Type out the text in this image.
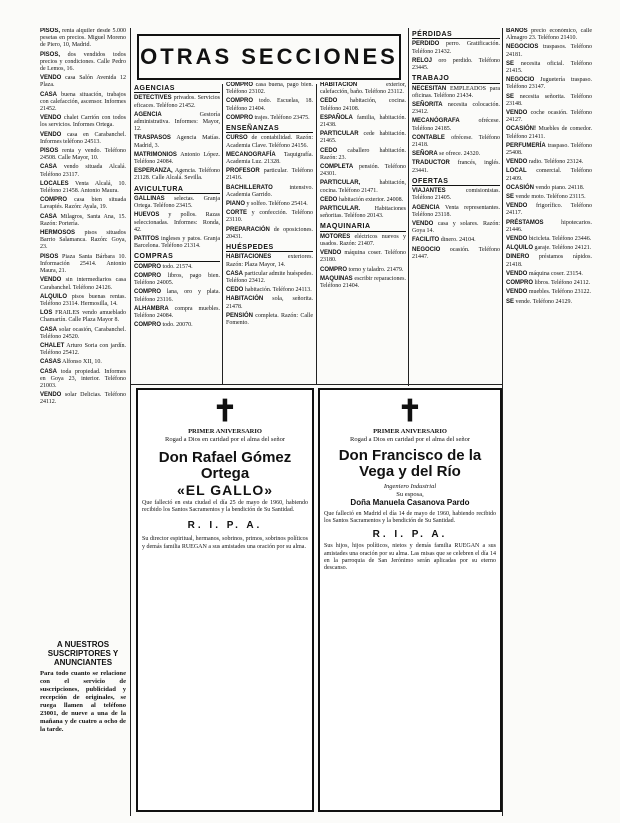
OTRAS SECCIONES

PISOS, renta alquiler desde 5.000 pesetas en precios. Miguel Moreno de Piero, 10, Madrid.

PISOS, dos vendidos todos precios y condiciones. Calle Pedro de Lemos, 16.

VENDO casa Salón Avenida 12 Plaza.

CASA buena situación, trabajos con calefacción, ascensor. Informes 21452.

VENDO chalet Carrión con todos los servicios. Informes Ortega.

VENDO casa en Carabanchel. Informes teléfono 24513.

PISOS renta y vendo. Teléfono 24508. Calle Mayor, 10.

CASA vendo situada Alcalá. Teléfono 23117.

LOCALES Venta Alcalá, 10. Teléfono 21458. Antonio Maura.

COMPRO casa bien situada Lavapiés. Razón: Ayala, 19.

CASA Milagros, Santa Ana, 15. Razón: Portería.

HERMOSOS pisos situados Barrio Salamanca. Razón: Goya, 23.

PISOS Piaza Santa Bárbara 10. Información 25414. Antonio Maura, 21.

VENDO sin intermediarios casa Carabanchel. Teléfono 24126.

ALQUILO pisos buenas rentas. Teléfono 23114. Hermosilla, 14.

LOS FRAILES vendo amueblado Chamartín. Calle Plaza Mayor 8.

CASA solar ocasión, Carabanchel. Teléfono 24520.

CHALET Arturo Soria con jardín. Teléfono 25412.

CASAS Alfonso XII, 10.

CASA toda propiedad. Informes en Goya 23, interior. Teléfono 21003.

VENDO solar Delicias. Teléfono 24112.

A NUESTROS SUSCRIPTORES Y ANUNCIANTES
Para todo cuanto se relacione con el servicio de suscripciones, publicidad y recepción de originales, se ruega llamen al teléfono 23001, de nueve a una de la mañana y de cuatro a ocho de la tarde.
AGENCIAS

DETECTIVES privados. Servicios eficaces. Teléfono 21452.

AGENCIA Gestoría administrativa. Informes: Mayor, 12.

TRASPASOS Agencia Matías. Madrid, 3.

MATRIMONIOS Antonio López. Teléfono 24084.

ESPERANZA, Agencia. Teléfono 21128. Calle Alcalá. Sevilla.

AVICULTURA

GALLINAS selectas. Granja Ortega. Teléfono 23415.

HUEVOS y pollos. Razas seleccionadas. Informes: Ronda, 42.

PATITOS ingleses y patos. Granja Barcelona. Teléfono 21314.

COMPRAS

COMPRO todo. 21574.

COMPRO libros, pago bien. Teléfono 24005.

COMPRO lana, oro y plata. Teléfono 23116.

ALHAMBRA compra muebles. Teléfono 24084.

COMPRO todo. 20070.

COMPRO casa buena, pago bien. Teléfono 23102.

COMPRO todo. Escuelas, 18. Teléfono 21404.

COMPRO trajes. Teléfono 23475.

ENSEÑANZAS

CURSO de contabilidad. Razón: Academia Clave. Teléfono 24156.

MECANOGRAFÍA Taquigrafía. Academia Luz. 21328.

PROFESOR particular. Teléfono 21416.

BACHILLERATO intensivo. Academia Garrido.

PIANO y solfeo. Teléfono 25414.

CORTE y confección. Teléfono 23110.

PREPARACIÓN de oposiciones. 20431.

HUÉSPEDES

HABITACIONES exteriores. Razón: Plaza Mayor, 14.

CASA particular admite huéspedes. Teléfono 23412.

CEDO habitación. Teléfono 24113.

HABITACIÓN sola, señorita. 21478.

PENSIÓN completa. Razón: Calle Fomento.

HABITACIÓN exterior, calefacción, baño. Teléfono 23112.

CEDO habitación, cocina. Teléfono 24108.

ESPAÑOLA familia, habitación. 21438.

PARTICULAR cede habitación. 21465.

CEDO caballero habitación. Razón: 23.

COMPLETA pensión. Teléfono 24301.

PARTICULAR, habitación, cocina. Teléfono 21471.

CEDO habitación exterior. 24008.

PARTICULAR. Habitaciones señoritas. Teléfono 20143.

MAQUINARIA

MOTORES eléctricos nuevos y usados. Razón: 21407.

VENDO máquina coser. Teléfono 23180.

COMPRO torno y taladro. 21479.

MAQUINAS escribir reparaciones. Teléfono 21404.

PÉRDIDAS

PERDIDO perro. Gratificación. Teléfono 21432.

RELOJ oro perdido. Teléfono 23445.

TRABAJO

NECESITAN EMPLEADOS para oficinas. Teléfono 21434.

SEÑORITA necesita colocación. 23412.

MECANÓGRAFA ofrécese. Teléfono 24185.

CONTABLE ofrécese. Teléfono 21418.

SEÑORA se ofrece. 24320.

TRADUCTOR francés, inglés. 23441.

OFERTAS

VIAJANTES comisionistas. Teléfono 21405.

AGENCIA Venta representantes. Teléfono 23118.

VENDO casa y solares. Razón: Goya 14.

FACILITO dinero. 24104.

NEGOCIO ocasión. Teléfono 21447.

BAÑOS precio económico, calle Almagro 23. Teléfono 21410.

NEGOCIOS traspasos. Teléfono 24181.

SE necesita oficial. Teléfono 21415.

NEGOCIO Juguetería traspaso. Teléfono 23147.

SE necesita señorita. Teléfono 23148.

VENDO coche ocasión. Teléfono 24127.

OCASIÓN! Muebles de comedor. Teléfono 21411.

PERFUMERÍA traspaso. Teléfono 25408.

VENDO radio. Teléfono 23124.

LOCAL comercial. Teléfono 21409.

OCASIÓN vendo piano. 24118.

SE vende moto. Teléfono 23115.

VENDO frigorífico. Teléfono 24117.

PRÉSTAMOS hipotecarios. 21446.

VENDO bicicleta. Teléfono 23446.

ALQUILO garaje. Teléfono 24121.

DINERO préstamos rápidos. 21418.

VENDO máquina coser. 23154.

COMPRO libros. Teléfono 24112.

VENDO muebles. Teléfono 23122.

SE vende. Teléfono 24129.

✝
PRIMER ANIVERSARIO
Rogad a Dios en caridad por el alma del señor
Don Rafael Gómez Ortega
«EL GALLO»
Que falleció en esta ciudad el día 25 de mayo de 1960, habiendo recibido los Santos Sacramentos y la bendición de Su Santidad.
R. I. P. A.
Su director espiritual, hermanos, sobrinos, primos, sobrinos políticos y demás familia RUEGAN a sus amistades una oración por su alma.
✝
PRIMER ANIVERSARIO
Rogad a Dios en caridad por el alma del señor
Don Francisco de la Vega y del Río
Ingeniero Industrial
Su esposa,
Doña Manuela Casanova Pardo
Que falleció en Madrid el día 14 de mayo de 1960, habiendo recibido los Santos Sacramentos y la bendición de Su Santidad.
R. I. P. A.
Sus hijos, hijos políticos, nietos y demás familia RUEGAN a sus amistades una oración por su alma. Las misas que se celebren el día 14 en la parroquia de San Jerónimo serán aplicadas por su eterno descanso.
